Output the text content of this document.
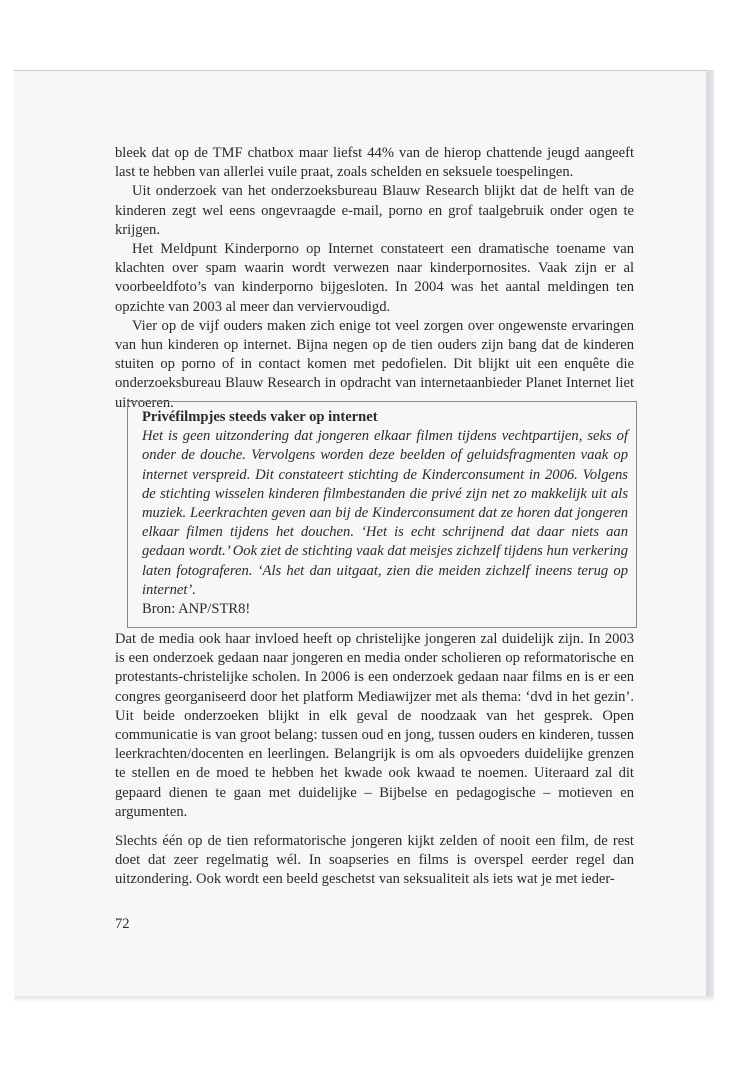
bleek dat op de TMF chatbox maar liefst 44% van de hierop chattende jeugd aangeeft last te hebben van allerlei vuile praat, zoals schelden en seksuele toespelingen.

Uit onderzoek van het onderzoeksbureau Blauw Research blijkt dat de helft van de kinderen zegt wel eens ongevraagde e-mail, porno en grof taalgebruik onder ogen te krijgen.

Het Meldpunt Kinderporno op Internet constateert een dramatische toename van klachten over spam waarin wordt verwezen naar kinderpornosites. Vaak zijn er al voorbeeldfoto’s van kinderporno bijgesloten. In 2004 was het aantal meldingen ten opzichte van 2003 al meer dan verviervoudigd.

Vier op de vijf ouders maken zich enige tot veel zorgen over ongewenste ervaringen van hun kinderen op internet. Bijna negen op de tien ouders zijn bang dat de kinderen stuiten op porno of in contact komen met pedofielen. Dit blijkt uit een enquête die onderzoeksbureau Blauw Research in opdracht van internetaanbieder Planet Internet liet uitvoeren.

Privéfilmpjes steeds vaker op internet

Het is geen uitzondering dat jongeren elkaar filmen tijdens vechtpartijen, seks of onder de douche. Vervolgens worden deze beelden of geluidsfragmenten vaak op internet verspreid. Dit constateert stichting de Kinderconsument in 2006. Volgens de stichting wisselen kinderen filmbestanden die privé zijn net zo makkelijk uit als muziek. Leerkrachten geven aan bij de Kinderconsument dat ze horen dat jongeren elkaar filmen tijdens het douchen. ‘Het is echt schrijnend dat daar niets aan gedaan wordt.’ Ook ziet de stichting vaak dat meisjes zichzelf tijdens hun verkering laten fotograferen. ‘Als het dan uitgaat, zien die meiden zichzelf ineens terug op internet’.

Bron: ANP/STR8!

Dat de media ook haar invloed heeft op christelijke jongeren zal duidelijk zijn. In 2003 is een onderzoek gedaan naar jongeren en media onder scholieren op reformatorische en protestants-christelijke scholen. In 2006 is een onderzoek gedaan naar films en is er een congres georganiseerd door het platform Mediawijzer met als thema: ‘dvd in het gezin’. Uit beide onderzoeken blijkt in elk geval de noodzaak van het gesprek. Open communicatie is van groot belang: tussen oud en jong, tussen ouders en kinderen, tussen leerkrachten/docenten en leerlingen. Belangrijk is om als opvoeders duidelijke grenzen te stellen en de moed te hebben het kwade ook kwaad te noemen. Uiteraard zal dit gepaard dienen te gaan met duidelijke – Bijbelse en pedagogische – motieven en argumenten.

Slechts één op de tien reformatorische jongeren kijkt zelden of nooit een film, de rest doet dat zeer regelmatig wél. In soapseries en films is overspel eerder regel dan uitzondering. Ook wordt een beeld geschetst van seksualiteit als iets wat je met ieder-

72
